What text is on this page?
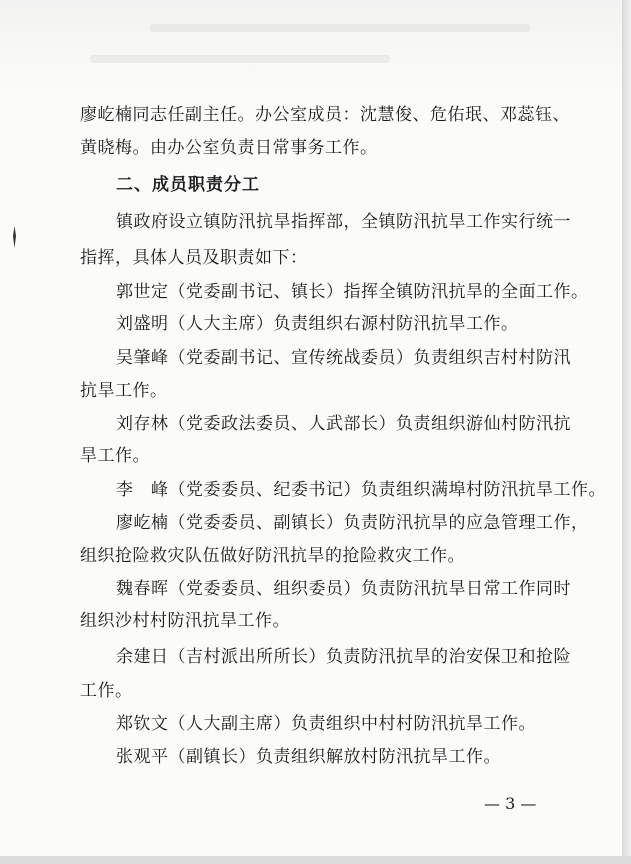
廖屹楠同志任副主任。办公室成员：沈慧俊、危佑珉、邓蕊钰、
黄晓梅。由办公室负责日常事务工作。
二、成员职责分工
镇政府设立镇防汛抗旱指挥部，全镇防汛抗旱工作实行统一
指挥，具体人员及职责如下：
郭世定（党委副书记、镇长）指挥全镇防汛抗旱的全面工作。
刘盛明（人大主席）负责组织右源村防汛抗旱工作。
吴肇峰（党委副书记、宣传统战委员）负责组织吉村村防汛
抗旱工作。
刘存林（党委政法委员、人武部长）负责组织游仙村防汛抗
旱工作。
李　峰（党委委员、纪委书记）负责组织满埠村防汛抗旱工作。
廖屹楠（党委委员、副镇长）负责防汛抗旱的应急管理工作，
组织抢险救灾队伍做好防汛抗旱的抢险救灾工作。
魏春晖（党委委员、组织委员）负责防汛抗旱日常工作同时
组织沙村村防汛抗旱工作。
余建日（吉村派出所所长）负责防汛抗旱的治安保卫和抢险
工作。
郑钦文（人大副主席）负责组织中村村防汛抗旱工作。
张观平（副镇长）负责组织解放村防汛抗旱工作。
— 3 —
